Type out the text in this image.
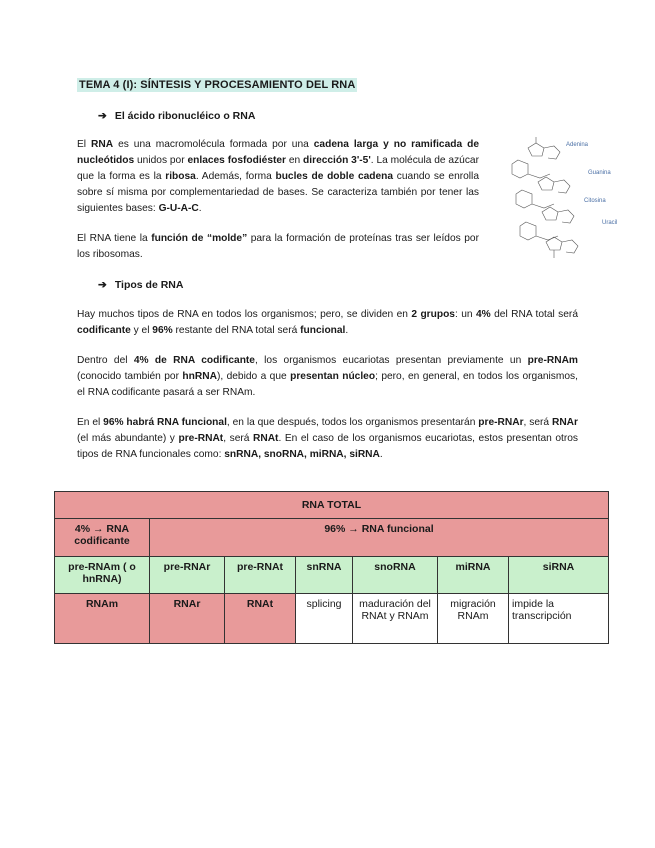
TEMA 4 (I): SÍNTESIS Y PROCESAMIENTO DEL RNA
➔ El ácido ribonucléico o RNA
El RNA es una macromolécula formada por una cadena larga y no ramificada de nucleótidos unidos por enlaces fosfodiéster en dirección 3'-5'. La molécula de azúcar que la forma es la ribosa. Además, forma bucles de doble cadena cuando se enrolla sobre sí misma por complementariedad de bases. Se caracteriza también por tener las siguientes bases: G-U-A-C.
Adenina
Guanina
Citosina
Uracil
El RNA tiene la función de “molde” para la formación de proteínas tras ser leídos por los ribosomas.
➔ Tipos de RNA
Hay muchos tipos de RNA en todos los organismos; pero, se dividen en 2 grupos: un 4% del RNA total será codificante y el 96% restante del RNA total será funcional.
Dentro del 4% de RNA codificante, los organismos eucariotas presentan previamente un pre-RNAm (conocido también por hnRNA), debido a que presentan núcleo; pero, en general, en todos los organismos, el RNA codificante pasará a ser RNAm.
En el 96% habrá RNA funcional, en la que después, todos los organismos presentarán pre-RNAr, será RNAr (el más abundante) y pre-RNAt, será RNAt. En el caso de los organismos eucariotas, estos presentan otros tipos de RNA funcionales como: snRNA, snoRNA, miRNA, siRNA.
RNA TOTAL						
4% → RNA codificante	96% → RNA funcional					
pre-RNAm ( o hnRNA)	pre-RNAr	pre-RNAt	snRNA	snoRNA	miRNA	siRNA
RNAm	RNAr	RNAt	splicing	maduración del RNAt y RNAm	migración RNAm	impide la transcripción
